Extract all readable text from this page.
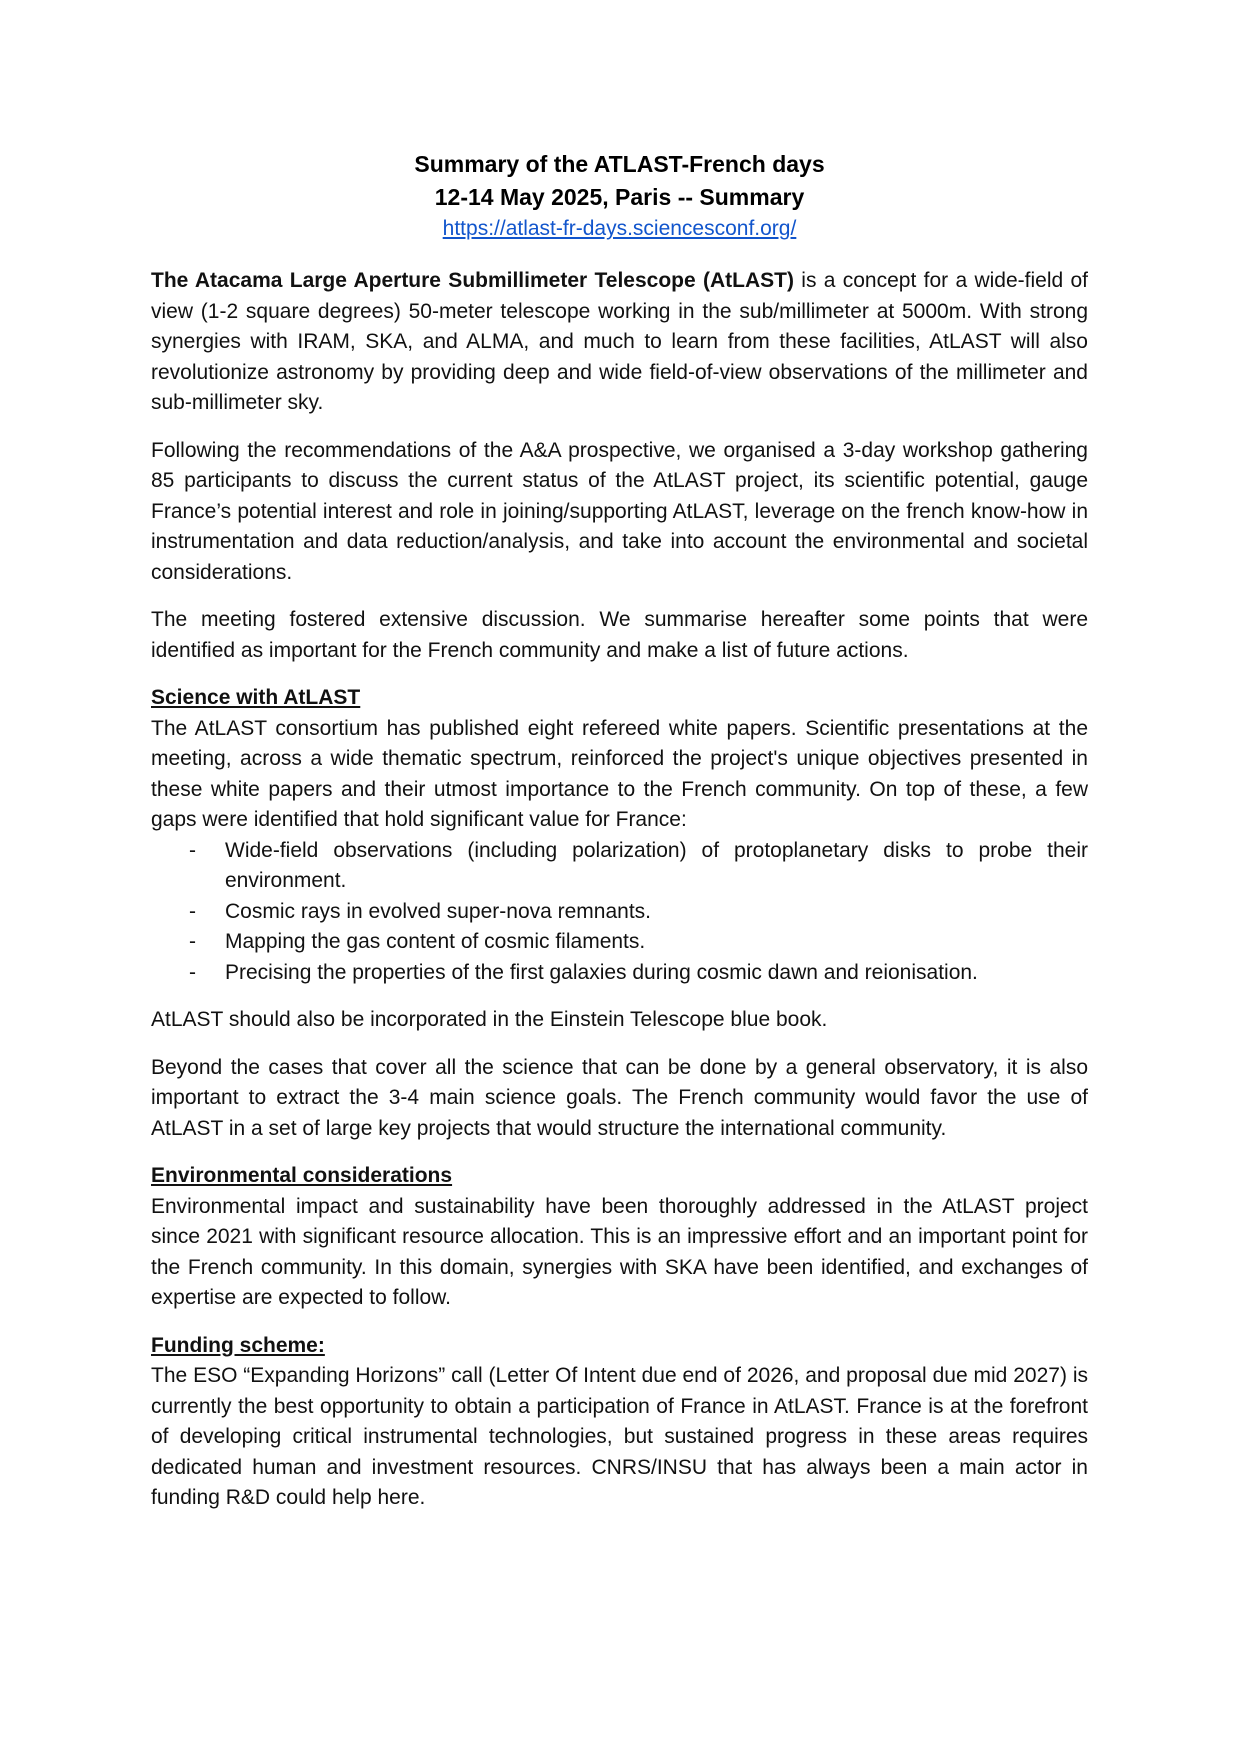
Summary of the ATLAST-French days
12-14 May 2025, Paris -- Summary
https://atlast-fr-days.sciencesconf.org/

The Atacama Large Aperture Submillimeter Telescope (AtLAST) is a concept for a wide-field of view (1-2 square degrees) 50-meter telescope working in the sub/millimeter at 5000m. With strong synergies with IRAM, SKA, and ALMA, and much to learn from these facilities, AtLAST will also revolutionize astronomy by providing deep and wide field-of-view observations of the millimeter and sub-millimeter sky.

Following the recommendations of the A&A prospective, we organised a 3-day workshop gathering 85 participants to discuss the current status of the AtLAST project, its scientific potential, gauge France’s potential interest and role in joining/supporting AtLAST, leverage on the french know-how in instrumentation and data reduction/analysis, and take into account the environmental and societal considerations.

The meeting fostered extensive discussion. We summarise hereafter some points that were identified as important for the French community and make a list of future actions.

Science with AtLAST

The AtLAST consortium has published eight refereed white papers. Scientific presentations at the meeting, across a wide thematic spectrum, reinforced the project's unique objectives presented in these white papers and their utmost importance to the French community. On top of these, a few gaps were identified that hold significant value for France:

- Wide-field observations (including polarization) of protoplanetary disks to probe their environment.
- Cosmic rays in evolved super-nova remnants.
- Mapping the gas content of cosmic filaments.
- Precising the properties of the first galaxies during cosmic dawn and reionisation.

AtLAST should also be incorporated in the Einstein Telescope blue book.

Beyond the cases that cover all the science that can be done by a general observatory, it is also important to extract the 3-4 main science goals. The French community would favor the use of AtLAST in a set of large key projects that would structure the international community.

Environmental considerations

Environmental impact and sustainability have been thoroughly addressed in the AtLAST project since 2021 with significant resource allocation. This is an impressive effort and an important point for the French community. In this domain, synergies with SKA have been identified, and exchanges of expertise are expected to follow.

Funding scheme:

The ESO “Expanding Horizons” call (Letter Of Intent due end of 2026, and proposal due mid 2027) is currently the best opportunity to obtain a participation of France in AtLAST. France is at the forefront of developing critical instrumental technologies, but sustained progress in these areas requires dedicated human and investment resources. CNRS/INSU that has always been a main actor in funding R&D could help here.
